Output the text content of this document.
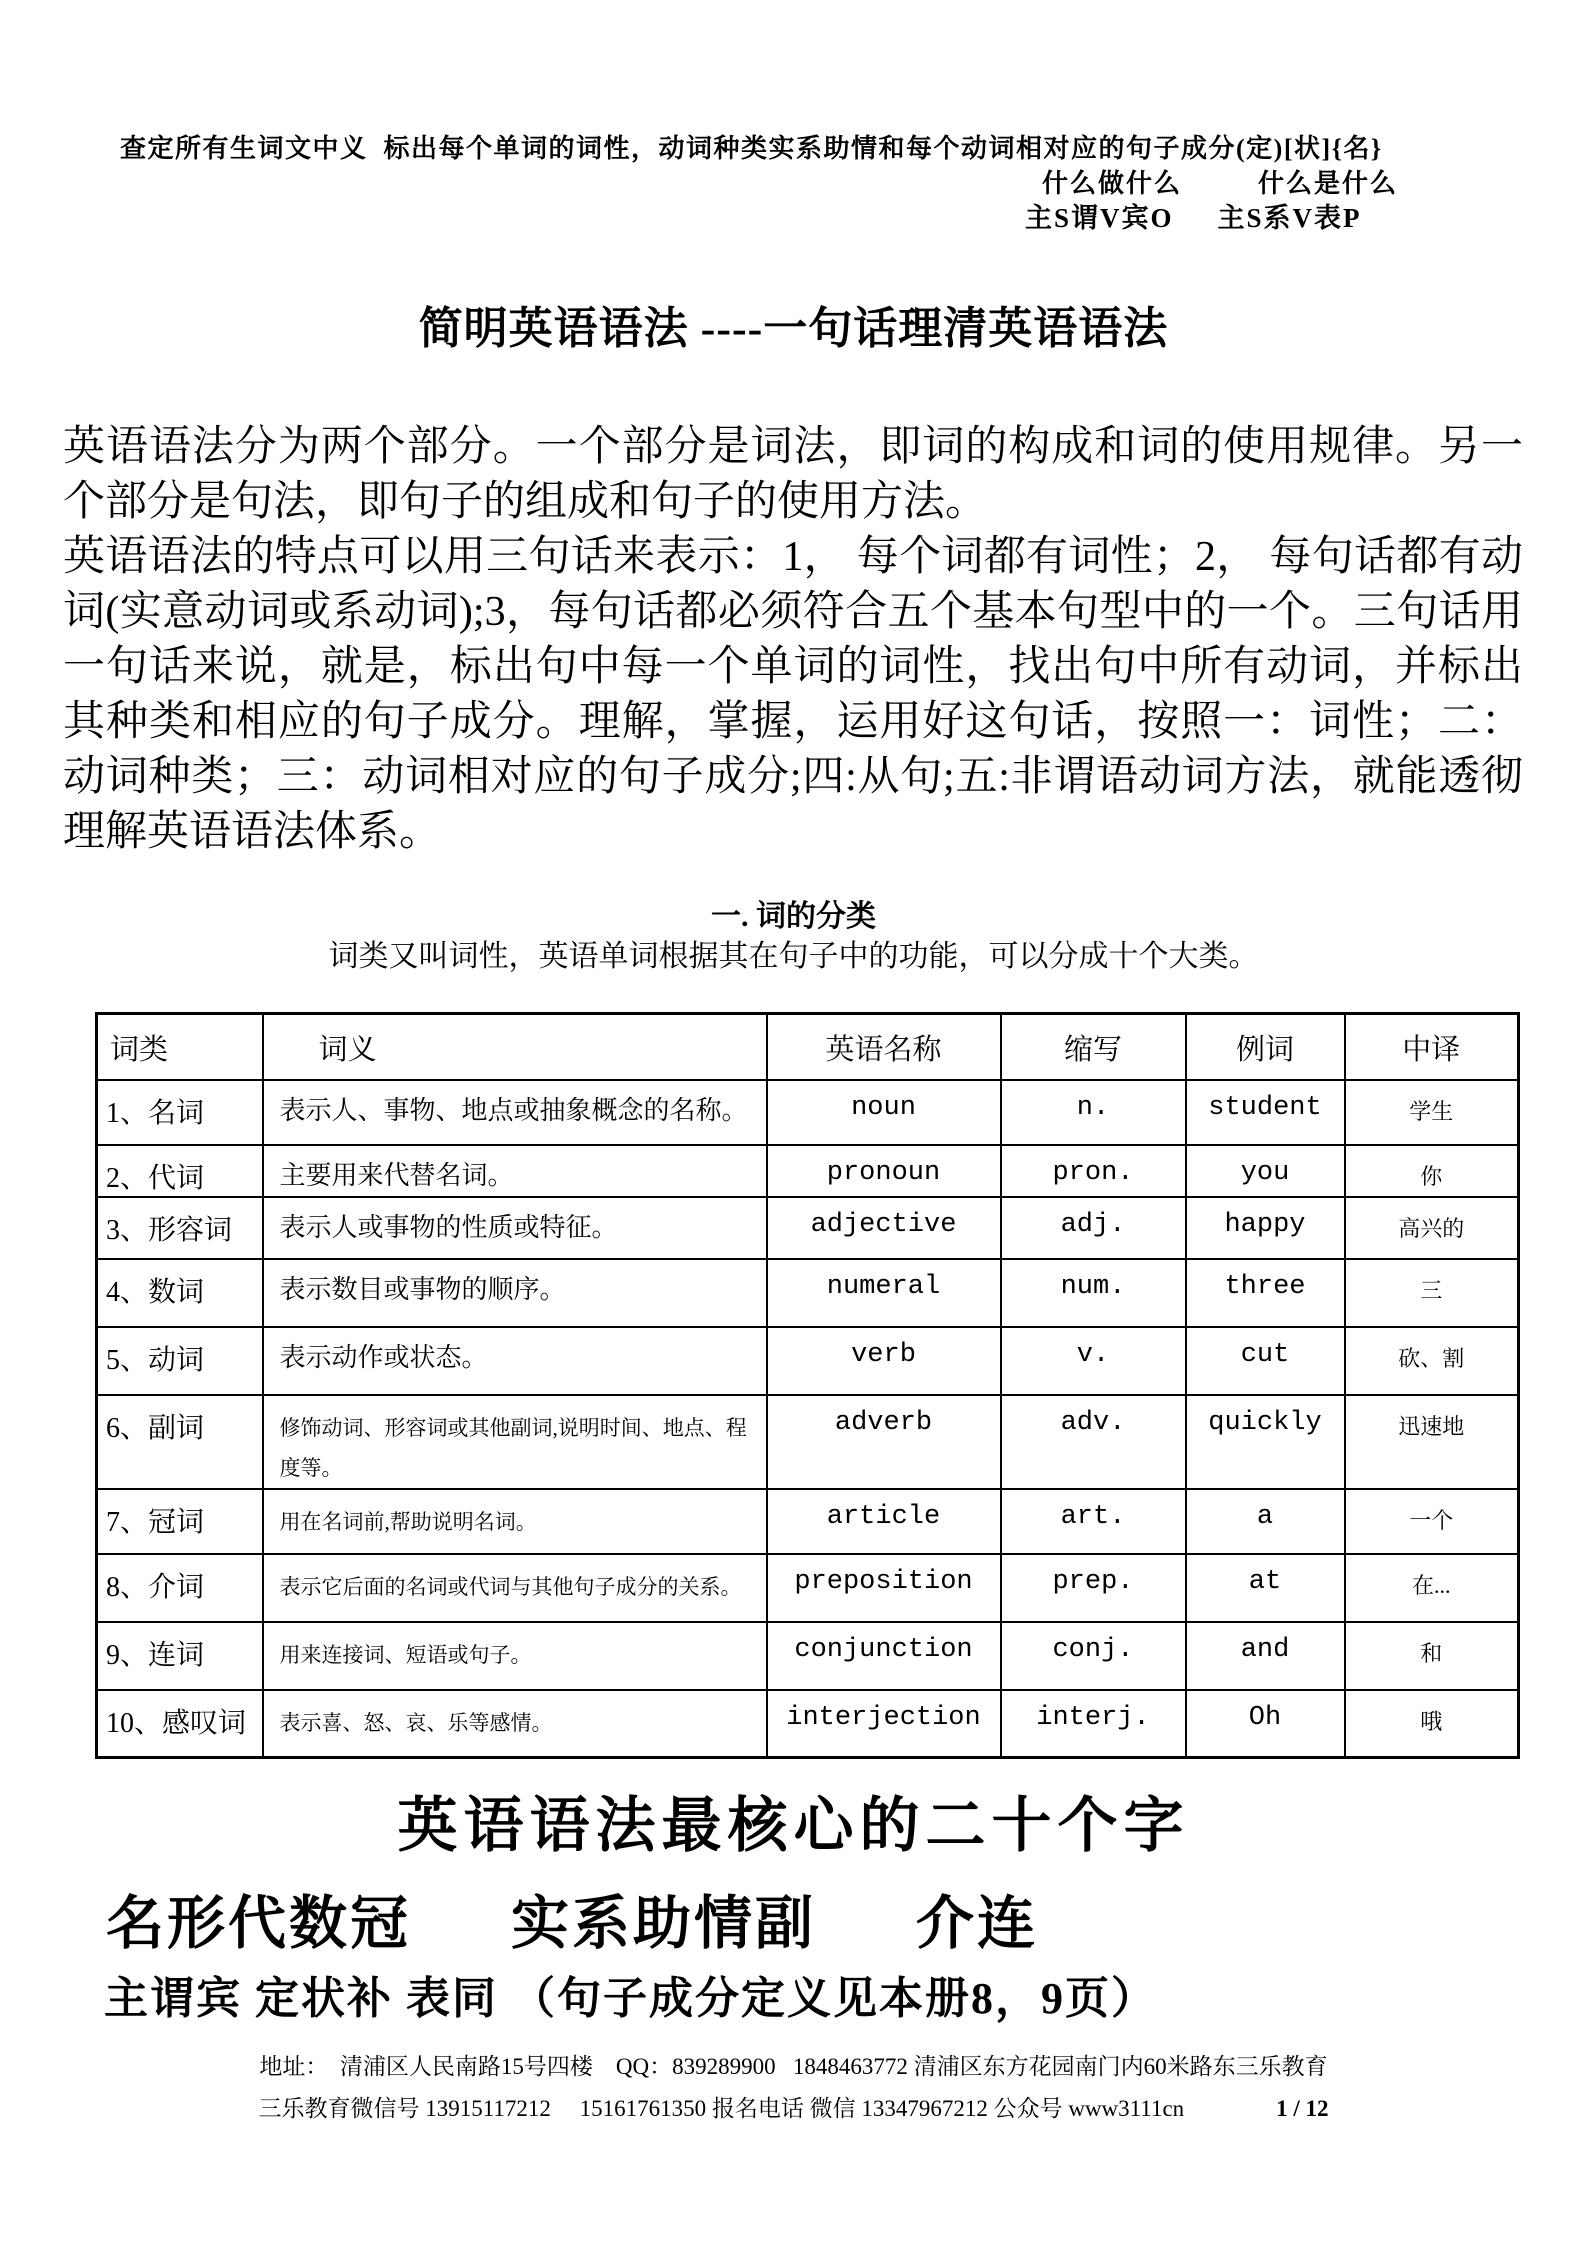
查定所有生词文中义  标出每个单词的词性，动词种类实系助情和每个动词相对应的句子成分(定)[状]{名}
什么做什么	什么是什么
主S谓V宾O 主S系V表P
简明英语语法 ----一句话理清英语语法

英语语法分为两个部分。一个部分是词法，即词的构成和词的使用规律。另一个部分是句法，即句子的组成和句子的使用方法。

英语语法的特点可以用三句话来表示：1， 每个词都有词性；2， 每句话都有动词(实意动词或系动词);3，每句话都必须符合五个基本句型中的一个。三句话用一句话来说，就是，标出句中每一个单词的词性，找出句中所有动词，并标出其种类和相应的句子成分。理解，掌握，运用好这句话，按照一：词性；二：动词种类；三：动词相对应的句子成分;四:从句;五:非谓语动词方法，就能透彻理解英语语法体系。

一. 词的分类
词类又叫词性，英语单词根据其在句子中的功能，可以分成十个大类。
词类	词义	英语名称	缩写	例词	中译
1、名词	表示人、事物、地点或抽象概念的名称。	noun	n.	student	学生
2、代词	主要用来代替名词。	pronoun	pron.	you	你
3、形容词	表示人或事物的性质或特征。	adjective	adj.	happy	高兴的
4、数词	表示数目或事物的顺序。	numeral	num.	three	三
5、动词	表示动作或状态。	verb	v.	cut	砍、割
6、副词	修饰动词、形容词或其他副词,说明时间、地点、程度等。	adverb	adv.	quickly	迅速地
7、冠词	用在名词前,帮助说明名词。	article	art.	a	一个
8、介词	表示它后面的名词或代词与其他句子成分的关系。	preposition	prep.	at	在...
9、连词	用来连接词、短语或句子。	conjunction	conj.	and	和
10、感叹词	表示喜、怒、哀、乐等感情。	interjection	interj.	Oh	哦
英语语法最核心的二十个字
名形代数冠 实系助情副 介连
主谓宾 定状补 表同 （句子成分定义见本册8，9页）
地址：  清浦区人民南路15号四楼    QQ：839289900   1848463772 清浦区东方花园南门内60米路东三乐教育
三乐教育微信号 13915117212     15161761350 报名电话 微信 13347967212 公众号 www3111cn	1 / 12
